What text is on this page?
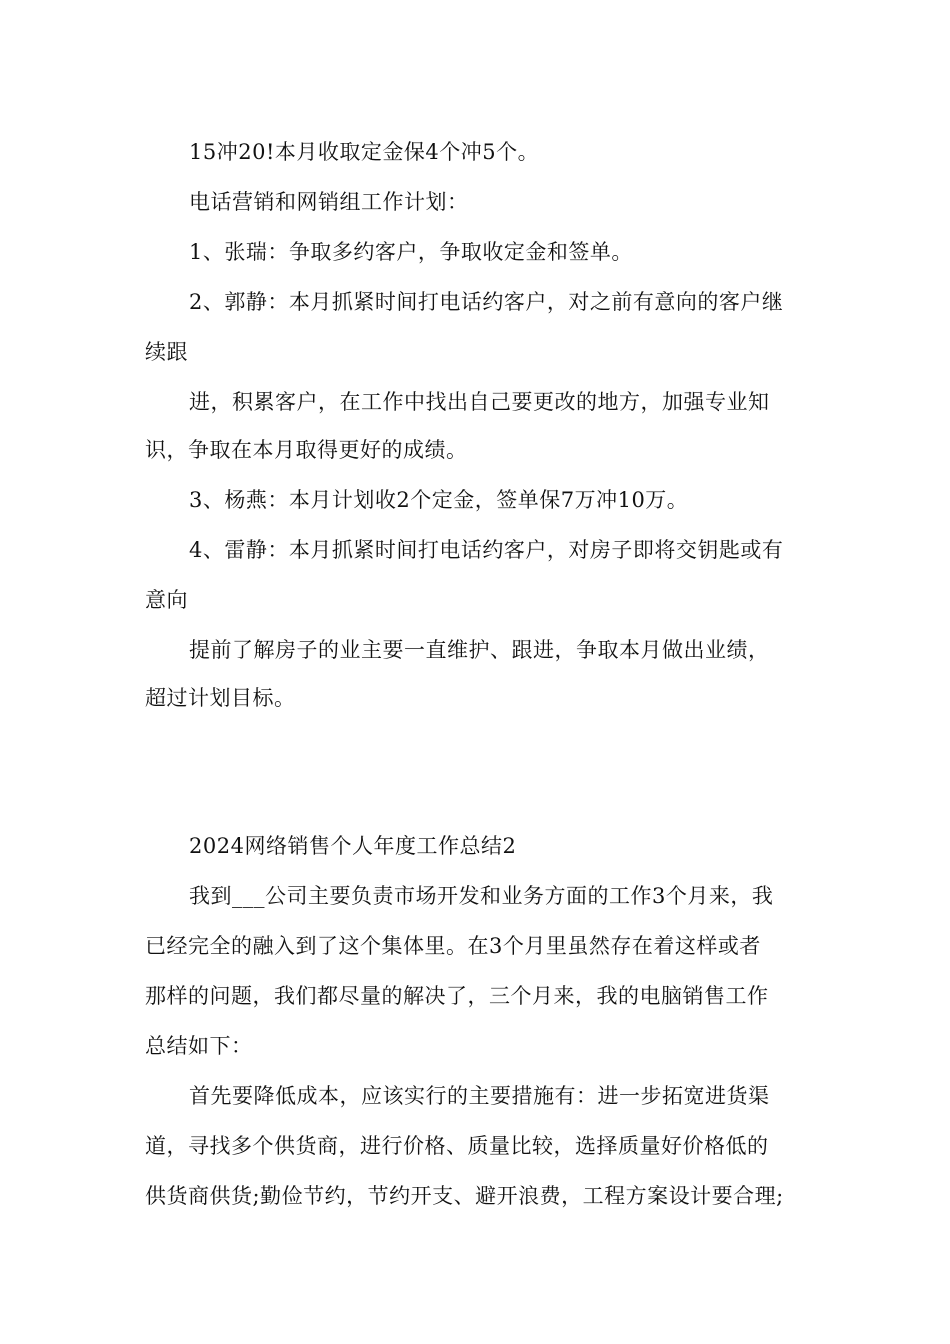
15冲20!本月收取定金保4个冲5个。
电话营销和网销组工作计划：
1、张瑞：争取多约客户，争取收定金和签单。
2、郭静：本月抓紧时间打电话约客户，对之前有意向的客户继
续跟
进，积累客户，在工作中找出自己要更改的地方，加强专业知
识，争取在本月取得更好的成绩。
3、杨燕：本月计划收2个定金，签单保7万冲10万。
4、雷静：本月抓紧时间打电话约客户，对房子即将交钥匙或有
意向
提前了解房子的业主要一直维护、跟进，争取本月做出业绩，
超过计划目标。
2024网络销售个人年度工作总结2
我到___公司主要负责市场开发和业务方面的工作3个月来，我
已经完全的融入到了这个集体里。在3个月里虽然存在着这样或者
那样的问题，我们都尽量的解决了，三个月来，我的电脑销售工作
总结如下：
首先要降低成本，应该实行的主要措施有：进一步拓宽进货渠
道，寻找多个供货商，进行价格、质量比较，选择质量好价格低的
供货商供货;勤俭节约，节约开支、避开浪费，工程方案设计要合理;
